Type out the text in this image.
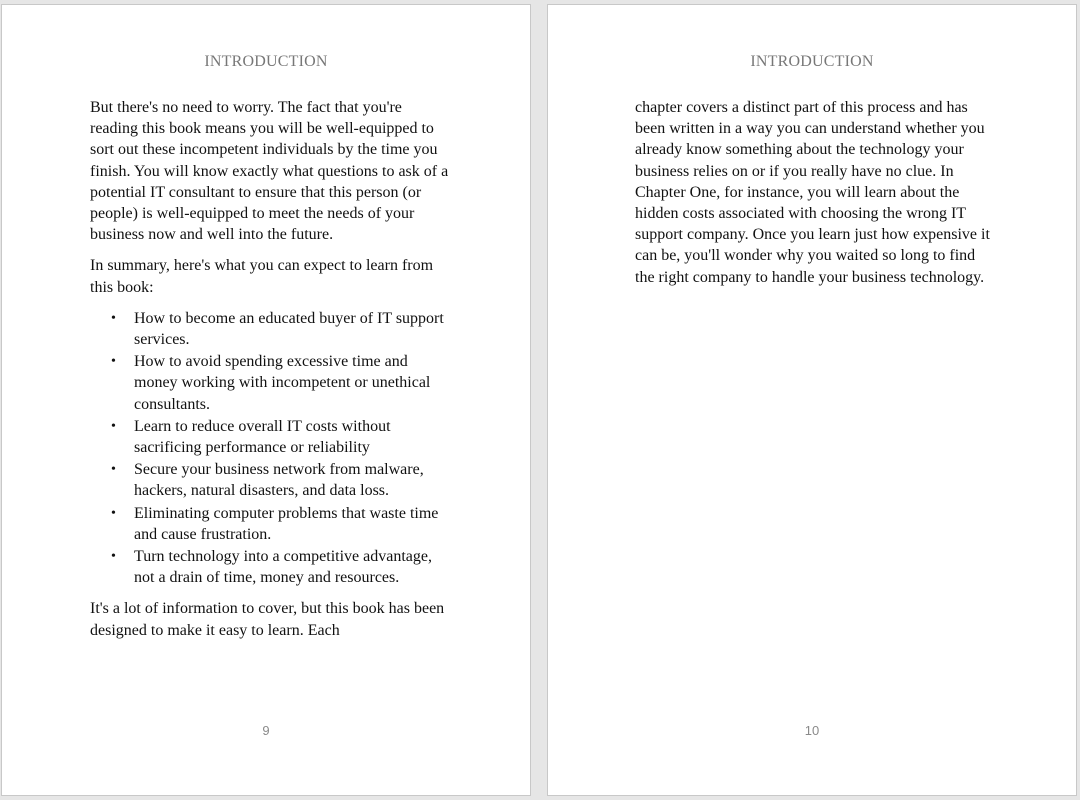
INTRODUCTION

But there's no need to worry. The fact that you're reading this book means you will be well-equipped to sort out these incompetent individuals by the time you finish. You will know exactly what questions to ask of a potential IT consultant to ensure that this person (or people) is well-equipped to meet the needs of your business now and well into the future.

In summary, here's what you can expect to learn from this book:

• How to become an educated buyer of IT support services.
• How to avoid spending excessive time and money working with incompetent or unethical consultants.
• Learn to reduce overall IT costs without sacrificing performance or reliability
• Secure your business network from malware, hackers, natural disasters, and data loss.
• Eliminating computer problems that waste time and cause frustration.
• Turn technology into a competitive advantage, not a drain of time, money and resources.

It's a lot of information to cover, but this book has been designed to make it easy to learn. Each

9
INTRODUCTION

chapter covers a distinct part of this process and has been written in a way you can understand whether you already know something about the technology your business relies on or if you really have no clue. In Chapter One, for instance, you will learn about the hidden costs associated with choosing the wrong IT support company. Once you learn just how expensive it can be, you'll wonder why you waited so long to find the right company to handle your business technology.

10
